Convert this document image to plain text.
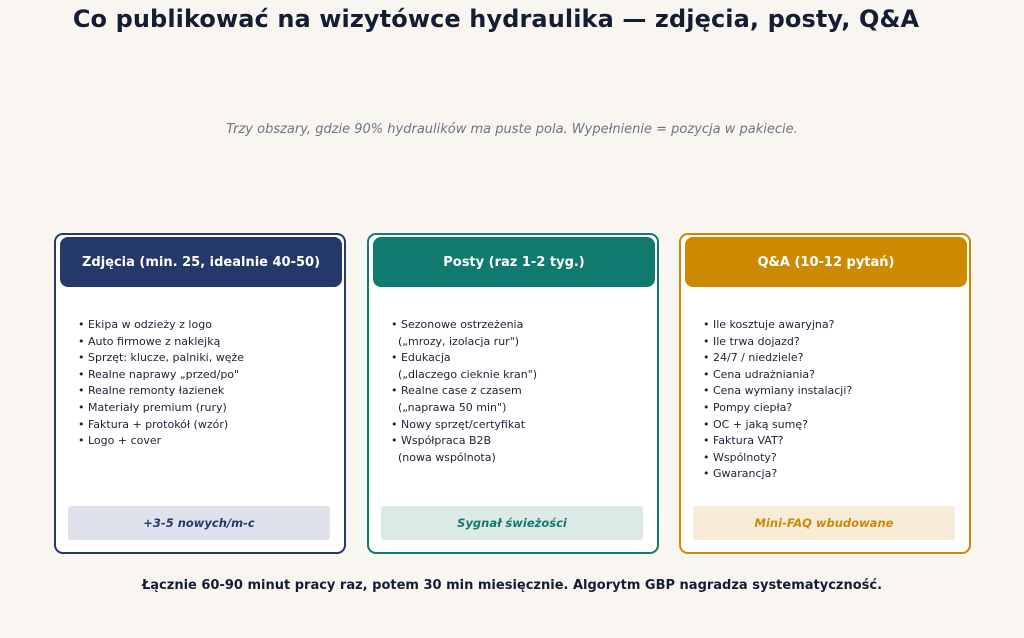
Co publikować na wizytówce hydraulika — zdjęcia, posty, Q&A

Trzy obszary, gdzie 90% hydraulików ma puste pola. Wypełnienie = pozycja w pakiecie.

Zdjęcia (min. 25, idealnie 40-50)
• Ekipa w odzieży z logo
• Auto firmowe z naklejką
• Sprzęt: klucze, palniki, węże
• Realne naprawy „przed/po"
• Realne remonty łazienek
• Materiały premium (rury)
• Faktura + protokół (wzór)
• Logo + cover
+3-5 nowych/m-c
Posty (raz 1-2 tyg.)
• Sezonowe ostrzeżenia
(„mrozy, izolacja rur")
• Edukacja
(„dlaczego cieknie kran")
• Realne case z czasem
(„naprawa 50 min")
• Nowy sprzęt/certyfikat
• Współpraca B2B
(nowa wspólnota)
Sygnał świeżości
Q&A (10-12 pytań)
• Ile kosztuje awaryjna?
• Ile trwa dojazd?
• 24/7 / niedziele?
• Cena udrażniania?
• Cena wymiany instalacji?
• Pompy ciepła?
• OC + jaką sumę?
• Faktura VAT?
• Wspólnoty?
• Gwarancja?
Mini-FAQ wbudowane

Łącznie 60-90 minut pracy raz, potem 30 min miesięcznie. Algorytm GBP nagradza systematyczność.
